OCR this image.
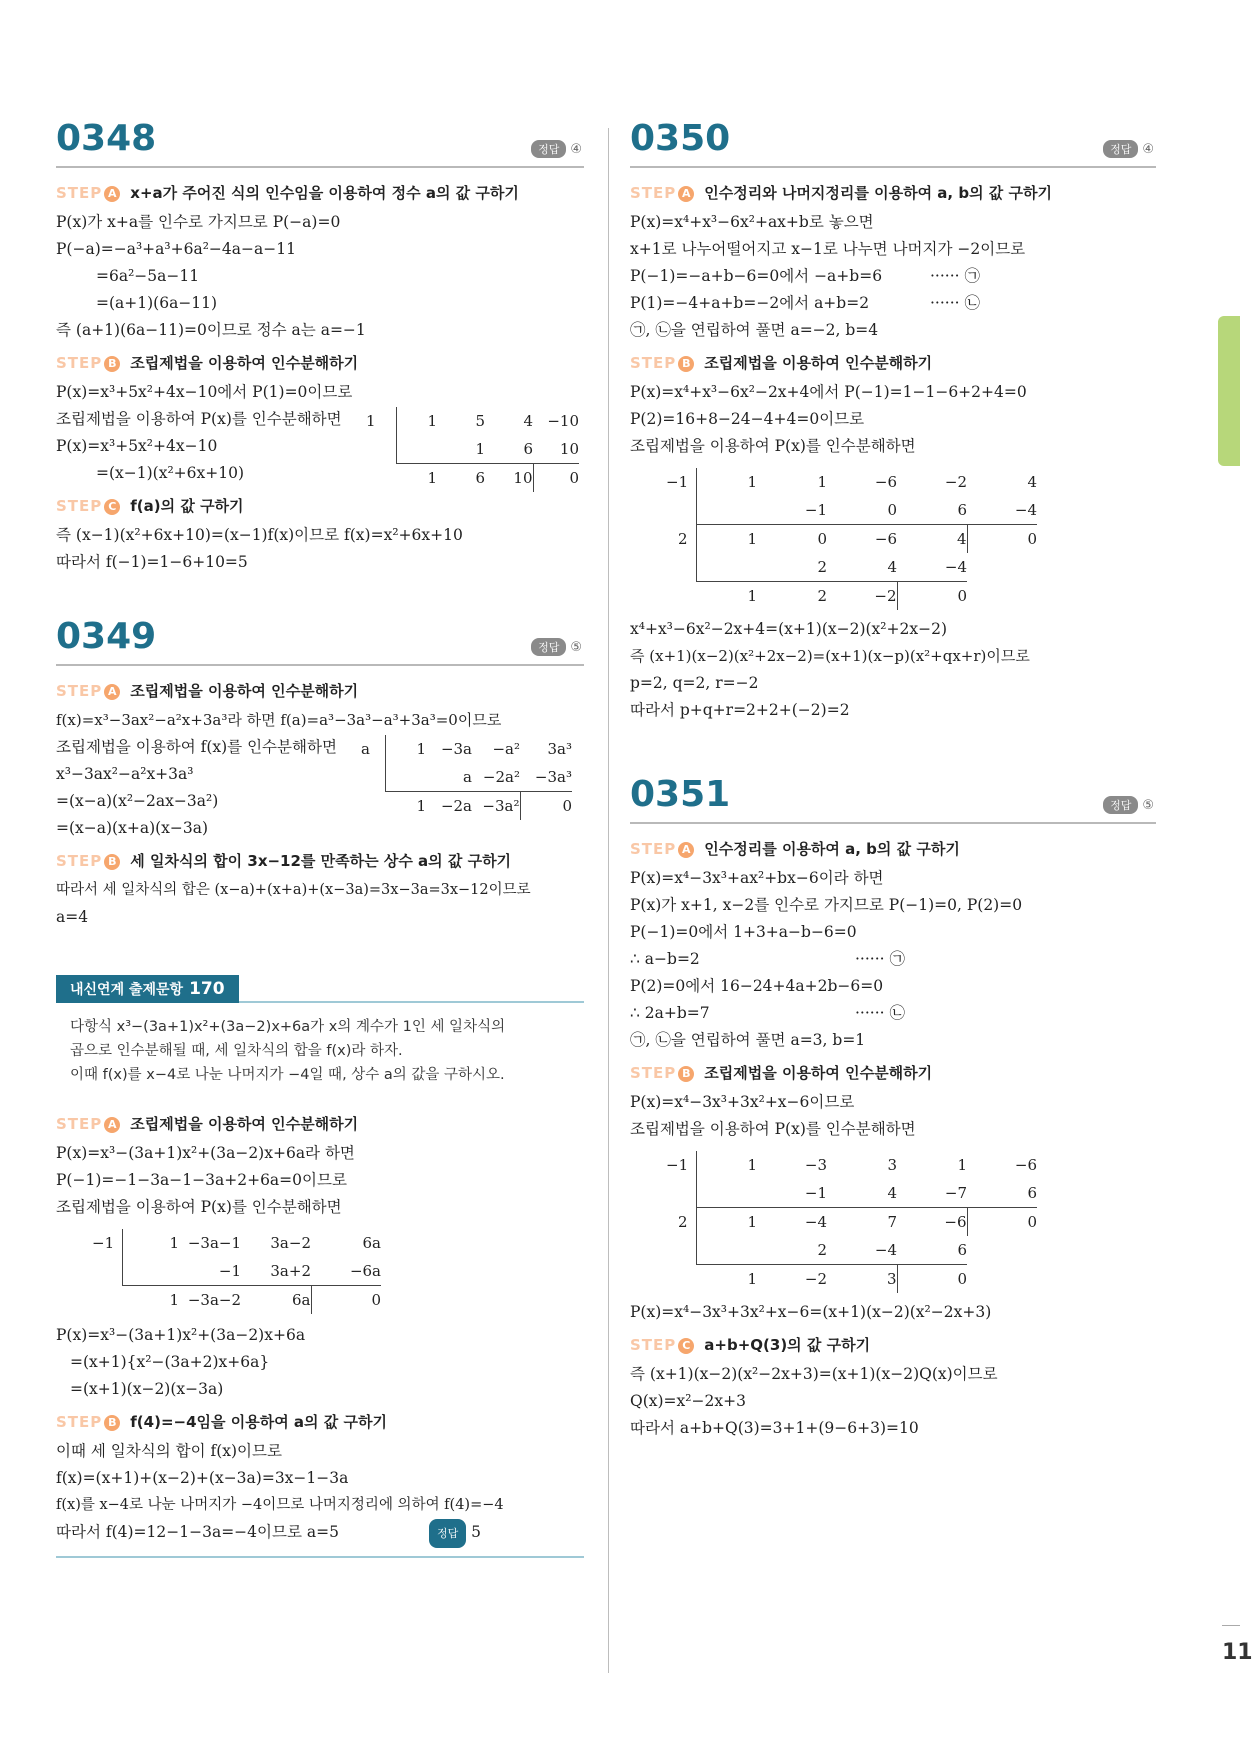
11
0348	정답 ④
STEP A x+a가 주어진 식의 인수임을 이용하여 정수 a의 값 구하기
P(x)가 x+a를 인수로 가지므로 P(−a)=0
P(−a)=−a³+a³+6a²−4a−a−11
=6a²−5a−11
=(a+1)(6a−11)
즉 (a+1)(6a−11)=0이므로 정수 a는 a=−1
STEP B 조립제법을 이용하여 인수분해하기
P(x)=x³+5x²+4x−10에서 P(1)=0이므로
조립제법을 이용하여 P(x)를 인수분해하면
P(x)=x³+5x²+4x−10
=(x−1)(x²+6x+10)
1	1	5	4	−10
		1	6	10
	1	6	10	0
STEP C f(a)의 값 구하기
즉 (x−1)(x²+6x+10)=(x−1)f(x)이므로 f(x)=x²+6x+10
따라서 f(−1)=1−6+10=5
0349	정답 ⑤
STEP A 조립제법을 이용하여 인수분해하기
f(x)=x³−3ax²−a²x+3a³라 하면 f(a)=a³−3a³−a³+3a³=0이므로
조립제법을 이용하여 f(x)를 인수분해하면
x³−3ax²−a²x+3a³
=(x−a)(x²−2ax−3a²)
=(x−a)(x+a)(x−3a)
a	1	−3a	−a²	3a³
		a	−2a²	−3a³
	1	−2a	−3a²	0
STEP B 세 일차식의 합이 3x−12를 만족하는 상수 a의 값 구하기
따라서 세 일차식의 합은 (x−a)+(x+a)+(x−3a)=3x−3a=3x−12이므로
a=4
내신연계 출제문항 170
다항식 x³−(3a+1)x²+(3a−2)x+6a가 x의 계수가 1인 세 일차식의
곱으로 인수분해될 때, 세 일차식의 합을 f(x)라 하자.
이때 f(x)를 x−4로 나눈 나머지가 −4일 때, 상수 a의 값을 구하시오.
STEP A 조립제법을 이용하여 인수분해하기
P(x)=x³−(3a+1)x²+(3a−2)x+6a라 하면
P(−1)=−1−3a−1−3a+2+6a=0이므로
조립제법을 이용하여 P(x)를 인수분해하면
−1	1	−3a−1	3a−2	6a
		−1	3a+2	−6a
	1	−3a−2	6a	0
P(x)=x³−(3a+1)x²+(3a−2)x+6a
=(x+1){x²−(3a+2)x+6a}
=(x+1)(x−2)(x−3a)
STEP B f(4)=−4임을 이용하여 a의 값 구하기
이때 세 일차식의 합이 f(x)이므로
f(x)=(x+1)+(x−2)+(x−3a)=3x−1−3a
f(x)를 x−4로 나눈 나머지가 −4이므로 나머지정리에 의하여 f(4)=−4
따라서 f(4)=12−1−3a=−4이므로 a=5	정답 5
0350	정답 ④
STEP A 인수정리와 나머지정리를 이용하여 a, b의 값 구하기
P(x)=x⁴+x³−6x²+ax+b로 놓으면
x+1로 나누어떨어지고 x−1로 나누면 나머지가 −2이므로
P(−1)=−a+b−6=0에서 −a+b=6	······ ㉠
P(1)=−4+a+b=−2에서 a+b=2	······ ㉡
㉠, ㉡을 연립하여 풀면 a=−2, b=4
STEP B 조립제법을 이용하여 인수분해하기
P(x)=x⁴+x³−6x²−2x+4에서 P(−1)=1−1−6+2+4=0
P(2)=16+8−24−4+4=0이므로
조립제법을 이용하여 P(x)를 인수분해하면
−1	1	1	−6	−2	4
		−1	0	6	−4
2	1	0	−6	4	0
		2	4	−4	
	1	2	−2	0	
x⁴+x³−6x²−2x+4=(x+1)(x−2)(x²+2x−2)
즉 (x+1)(x−2)(x²+2x−2)=(x+1)(x−p)(x²+qx+r)이므로
p=2, q=2, r=−2
따라서 p+q+r=2+2+(−2)=2
0351	정답 ⑤
STEP A 인수정리를 이용하여 a, b의 값 구하기
P(x)=x⁴−3x³+ax²+bx−6이라 하면
P(x)가 x+1, x−2를 인수로 가지므로 P(−1)=0, P(2)=0
P(−1)=0에서 1+3+a−b−6=0
∴ a−b=2	······ ㉠
P(2)=0에서 16−24+4a+2b−6=0
∴ 2a+b=7	······ ㉡
㉠, ㉡을 연립하여 풀면 a=3, b=1
STEP B 조립제법을 이용하여 인수분해하기
P(x)=x⁴−3x³+3x²+x−6이므로
조립제법을 이용하여 P(x)를 인수분해하면
−1	1	−3	3	1	−6
		−1	4	−7	6
2	1	−4	7	−6	0
		2	−4	6	
	1	−2	3	0	
P(x)=x⁴−3x³+3x²+x−6=(x+1)(x−2)(x²−2x+3)
STEP C a+b+Q(3)의 값 구하기
즉 (x+1)(x−2)(x²−2x+3)=(x+1)(x−2)Q(x)이므로
Q(x)=x²−2x+3
따라서 a+b+Q(3)=3+1+(9−6+3)=10
